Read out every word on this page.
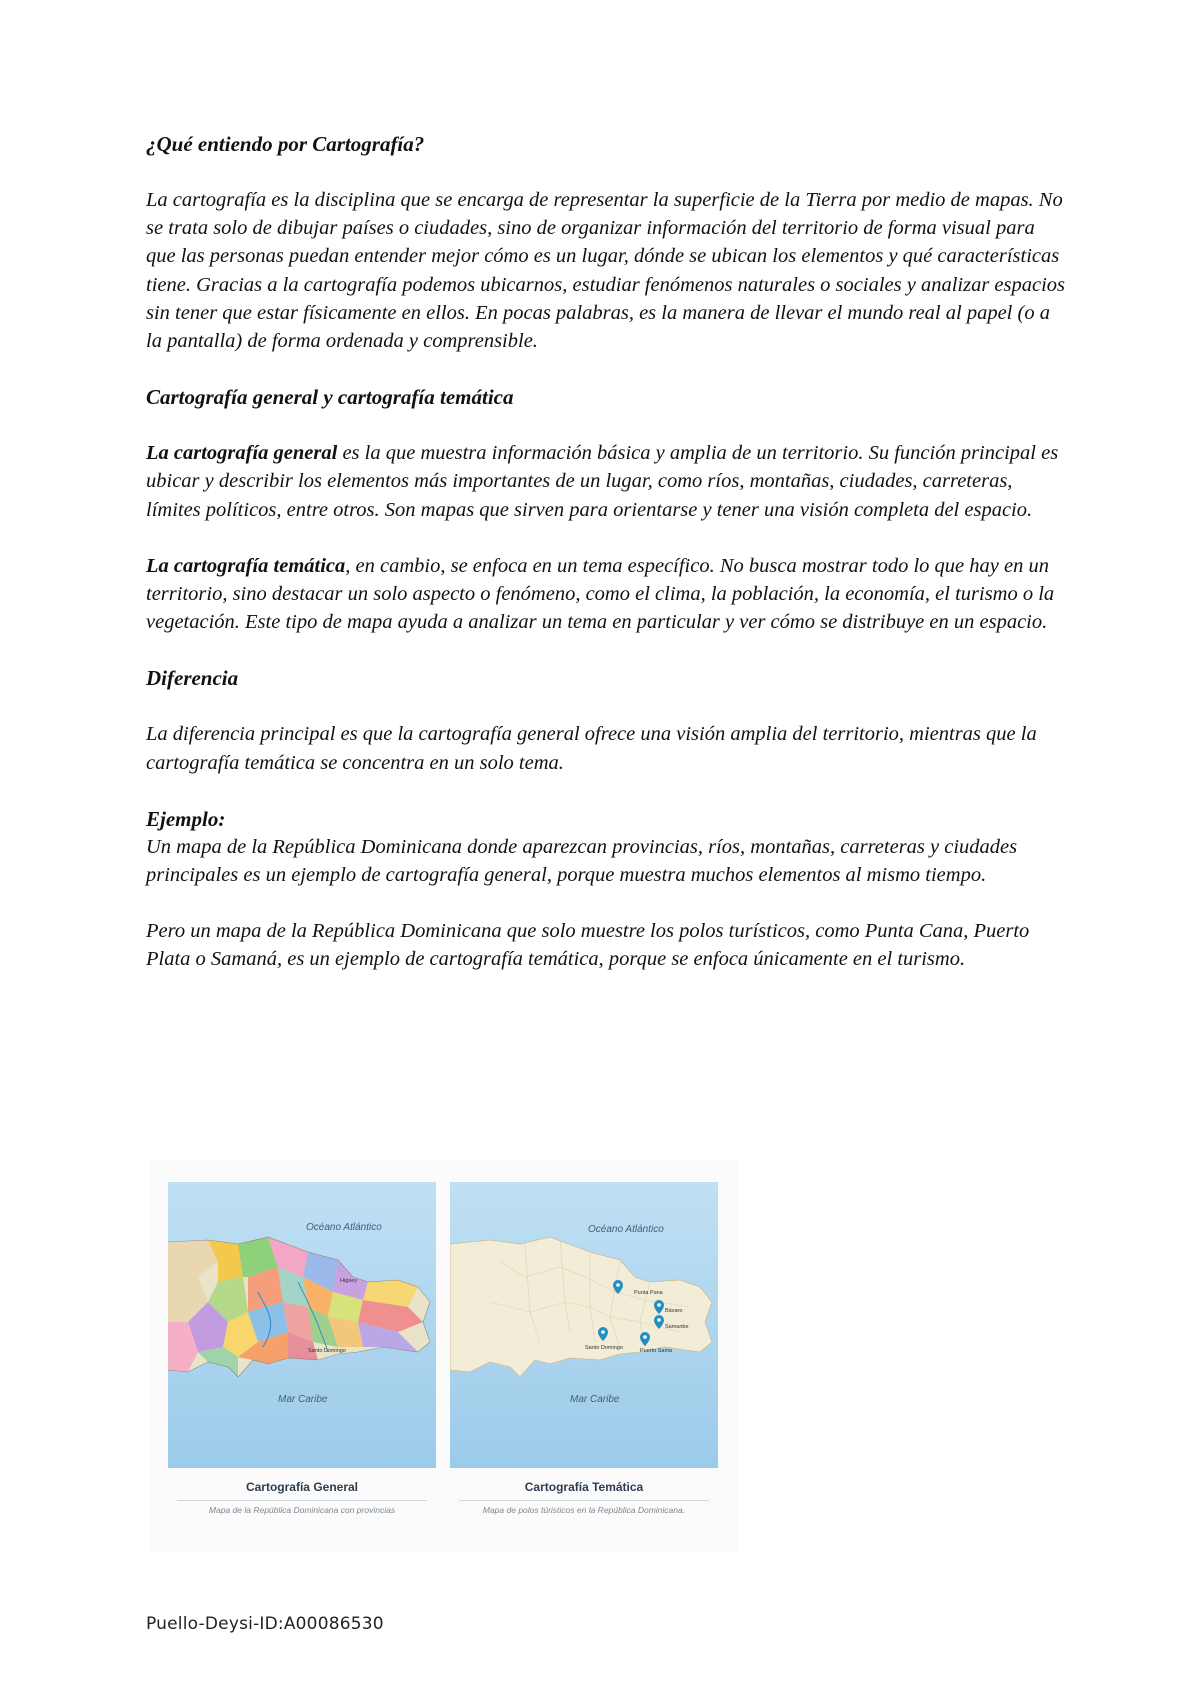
¿Qué entiendo por Cartografía?

La cartografía es la disciplina que se encarga de representar la superficie de la Tierra por medio de mapas. No se trata solo de dibujar países o ciudades, sino de organizar información del territorio de forma visual para que las personas puedan entender mejor cómo es un lugar, dónde se ubican los elementos y qué características tiene. Gracias a la cartografía podemos ubicarnos, estudiar fenómenos naturales o sociales y analizar espacios sin tener que estar físicamente en ellos. En pocas palabras, es la manera de llevar el mundo real al papel (o a la pantalla) de forma ordenada y comprensible.

Cartografía general y cartografía temática

La cartografía general es la que muestra información básica y amplia de un territorio. Su función principal es ubicar y describir los elementos más importantes de un lugar, como ríos, montañas, ciudades, carreteras, límites políticos, entre otros. Son mapas que sirven para orientarse y tener una visión completa del espacio.

La cartografía temática, en cambio, se enfoca en un tema específico. No busca mostrar todo lo que hay en un territorio, sino destacar un solo aspecto o fenómeno, como el clima, la población, la economía, el turismo o la vegetación. Este tipo de mapa ayuda a analizar un tema en particular y ver cómo se distribuye en un espacio.

Diferencia

La diferencia principal es que la cartografía general ofrece una visión amplia del territorio, mientras que la cartografía temática se concentra en un solo tema.

Ejemplo:

Un mapa de la República Dominicana donde aparezcan provincias, ríos, montañas, carreteras y ciudades principales es un ejemplo de cartografía general, porque muestra muchos elementos al mismo tiempo.

Pero un mapa de la República Dominicana que solo muestre los polos turísticos, como Punta Cana, Puerto Plata o Samaná, es un ejemplo de cartografía temática, porque se enfoca únicamente en el turismo.

Océano Atlántico
Mar Caribe
Higüey
Santo Domingo
Cartografía General
Mapa de la República Dominicana con provincias
Océano Atlántico
Mar Caribe
Punta Pana
Bávaro
Samanbe
Santo Domingo	Puerto Sama
Cartografía Temática
Mapa de polos túristicos en la República Dominicana.
Puello-Deysi-ID:A00086530
